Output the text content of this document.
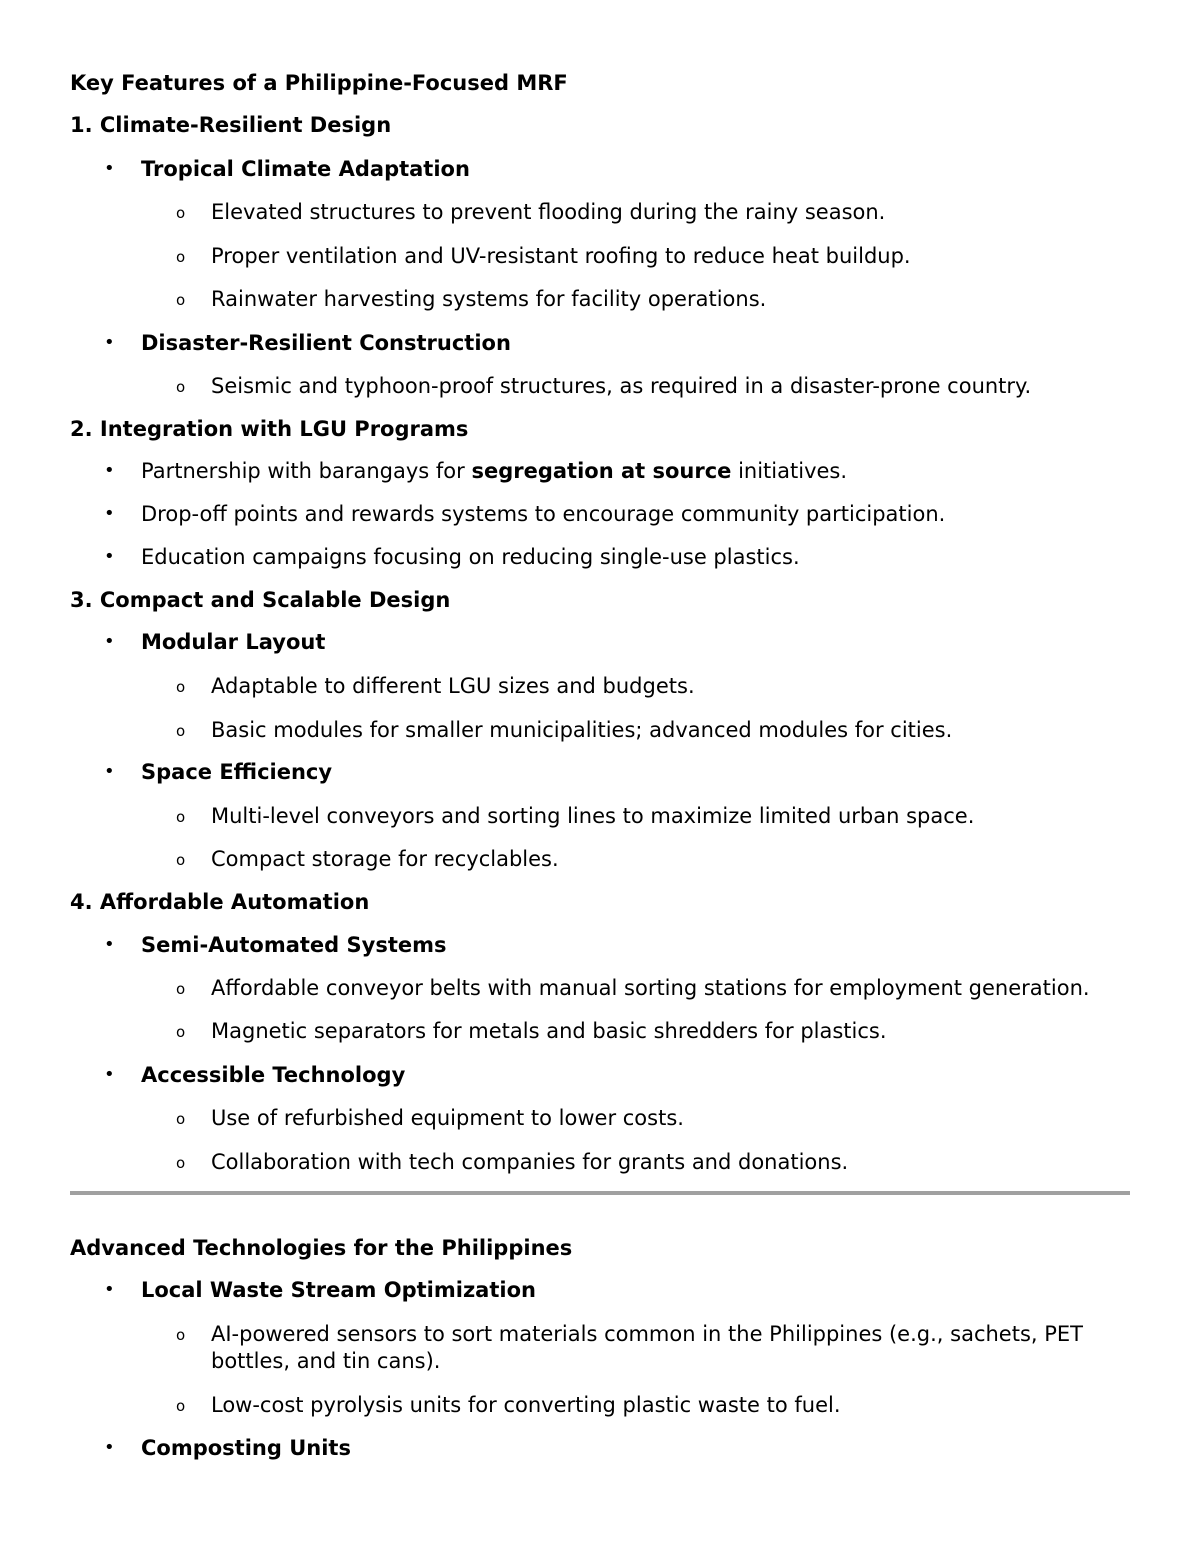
Key Features of a Philippine-Focused MRF
1. Climate-Resilient Design
• Tropical Climate Adaptation
o Elevated structures to prevent flooding during the rainy season.
o Proper ventilation and UV-resistant roofing to reduce heat buildup.
o Rainwater harvesting systems for facility operations.
• Disaster-Resilient Construction
o Seismic and typhoon-proof structures, as required in a disaster-prone country.
2. Integration with LGU Programs
• Partnership with barangays for segregation at source initiatives.
• Drop-off points and rewards systems to encourage community participation.
• Education campaigns focusing on reducing single-use plastics.
3. Compact and Scalable Design
• Modular Layout
o Adaptable to different LGU sizes and budgets.
o Basic modules for smaller municipalities; advanced modules for cities.
• Space Efficiency
o Multi-level conveyors and sorting lines to maximize limited urban space.
o Compact storage for recyclables.
4. Affordable Automation
• Semi-Automated Systems
o Affordable conveyor belts with manual sorting stations for employment generation.
o Magnetic separators for metals and basic shredders for plastics.
• Accessible Technology
o Use of refurbished equipment to lower costs.
o Collaboration with tech companies for grants and donations.
Advanced Technologies for the Philippines
• Local Waste Stream Optimization
o AI-powered sensors to sort materials common in the Philippines (e.g., sachets, PET
bottles, and tin cans).
o Low-cost pyrolysis units for converting plastic waste to fuel.
• Composting Units
